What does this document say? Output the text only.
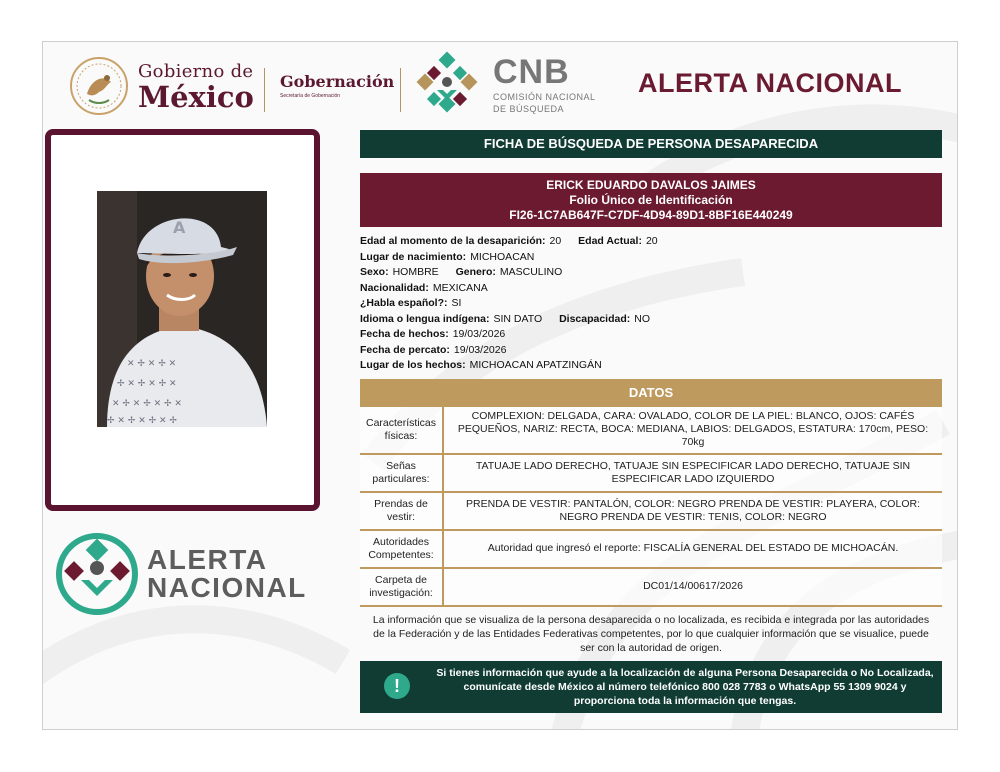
Gobierno de
México Gobernación
Secretaría de Gobernación
CNB
COMISIÓN NACIONAL
DE BÚSQUEDA
ALERTA NACIONAL
✕ ✢ ✕ ✢ ✕
✢ ✕ ✢ ✕ ✢ ✕
✕ ✢ ✕ ✢ ✕ ✢ ✕
✢ ✕ ✢ ✕ ✢ ✕ ✢
A
ALERTA
NACIONAL
FICHA DE BÚSQUEDA DE PERSONA DESAPARECIDA
ERICK EDUARDO DAVALOS JAIMES
Folio Único de Identificación
FI26-1C7AB647F-C7DF-4D94-89D1-8BF16E440249
Edad al momento de la desaparición: 20 Edad Actual: 20
Lugar de nacimiento: MICHOACAN
Sexo: HOMBRE Genero: MASCULINO
Nacionalidad: MEXICANA
¿Habla español?: SI
Idioma o lengua indígena: SIN DATO Discapacidad: NO
Fecha de hechos: 19/03/2026
Fecha de percato: 19/03/2026
Lugar de los hechos: MICHOACAN APATZINGÁN
DATOS
Características físicas:	COMPLEXION: DELGADA, CARA: OVALADO, COLOR DE LA PIEL: BLANCO, OJOS: CAFÉS PEQUEÑOS, NARIZ: RECTA, BOCA: MEDIANA, LABIOS: DELGADOS, ESTATURA: 170cm, PESO: 70kg
Señas particulares:	TATUAJE LADO DERECHO, TATUAJE SIN ESPECIFICAR LADO DERECHO, TATUAJE SIN ESPECIFICAR LADO IZQUIERDO
Prendas de vestir:	PRENDA DE VESTIR: PANTALÓN, COLOR: NEGRO PRENDA DE VESTIR: PLAYERA, COLOR: NEGRO PRENDA DE VESTIR: TENIS, COLOR: NEGRO
Autoridades Competentes:	Autoridad que ingresó el reporte: FISCALÍA GENERAL DEL ESTADO DE MICHOACÁN.
Carpeta de investigación:	DC01/14/00617/2026
La información que se visualiza de la persona desaparecida o no localizada, es recibida e integrada por las autoridades de la Federación y de las Entidades Federativas competentes, por lo que cualquier información que se visualice, puede ser con la autoridad de origen.
!
Si tienes información que ayude a la localización de alguna Persona Desaparecida o No Localizada, comunícate desde México al número telefónico 800 028 7783 o WhatsApp 55 1309 9024 y proporciona toda la información que tengas.
